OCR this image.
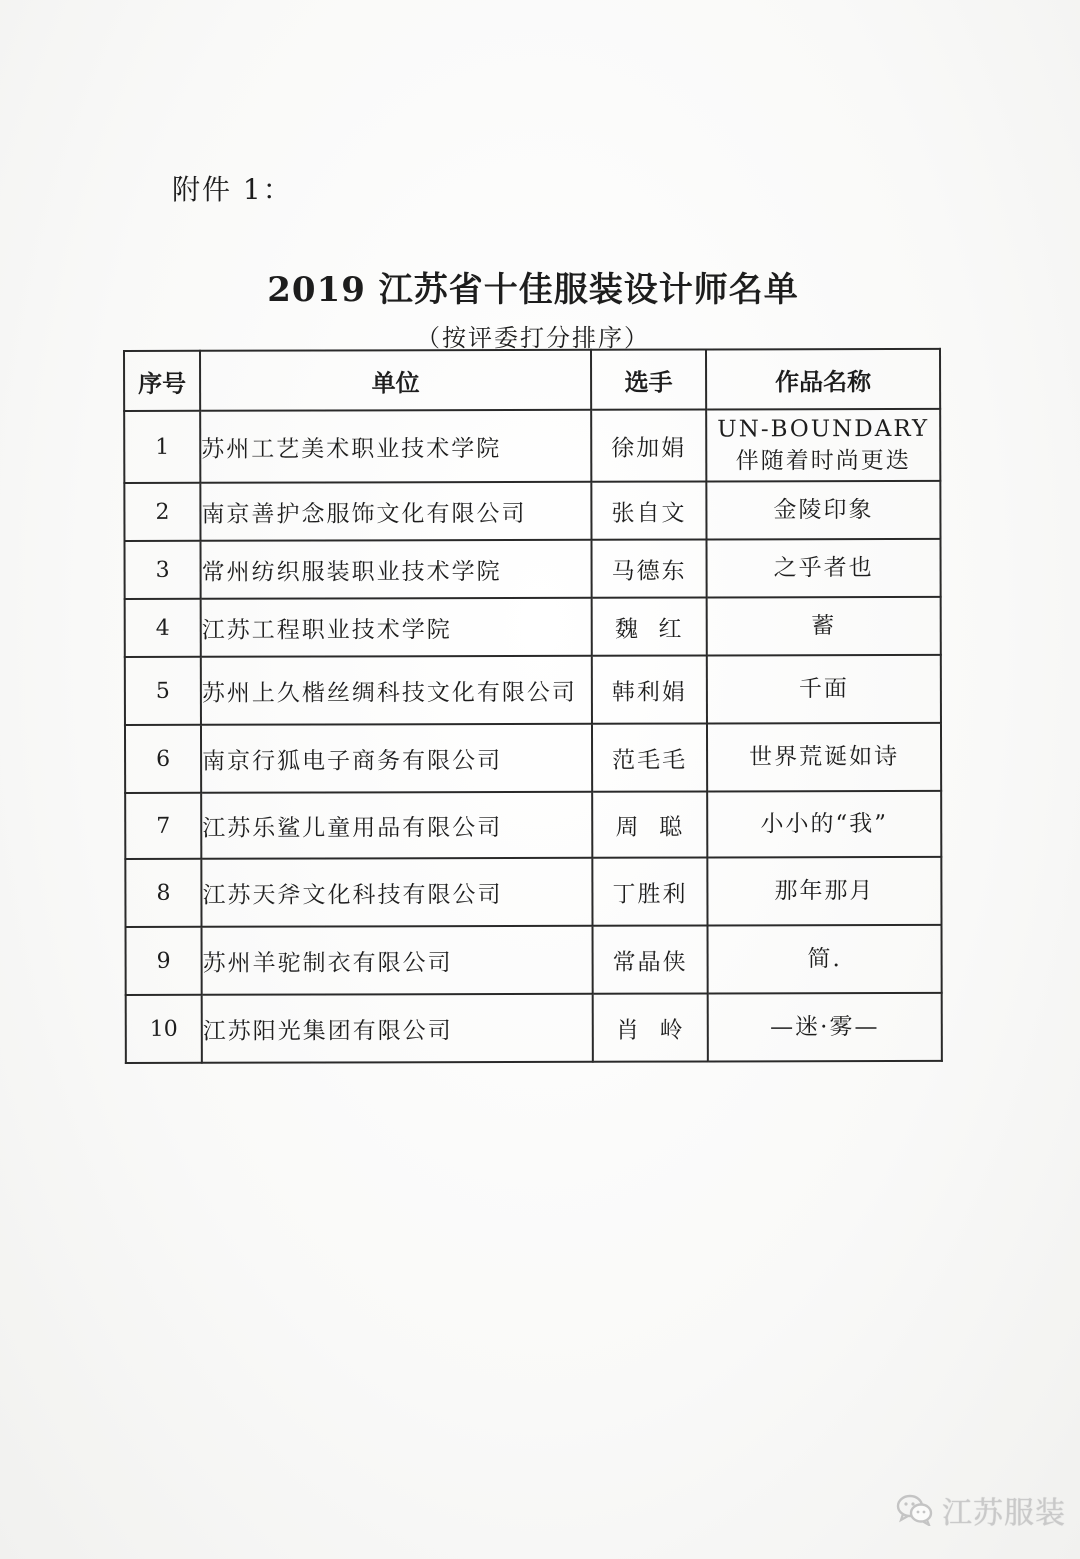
附件 1：
2019 江苏省十佳服装设计师名单
（按评委打分排序）
序号	单位	选手	作品名称
1	苏州工艺美术职业技术学院	徐加娟	UN-BOUNDARY
伴随着时尚更迭

2	南京善护念服饰文化有限公司	张自文	金陵印象

3	常州纺织服装职业技术学院	马德东	之乎者也

4	江苏工程职业技术学院	魏  红	蓄

5	苏州上久楷丝绸科技文化有限公司	韩利娟	千面

6	南京行狐电子商务有限公司	范毛毛	世界荒诞如诗

7	江苏乐鲨儿童用品有限公司	周  聪	小小的“我”

8	江苏天斧文化科技有限公司	丁胜利	那年那月

9	苏州羊驼制衣有限公司	常晶侠	简.

10	江苏阳光集团有限公司	肖  岭	—迷·雾—
江苏服装
